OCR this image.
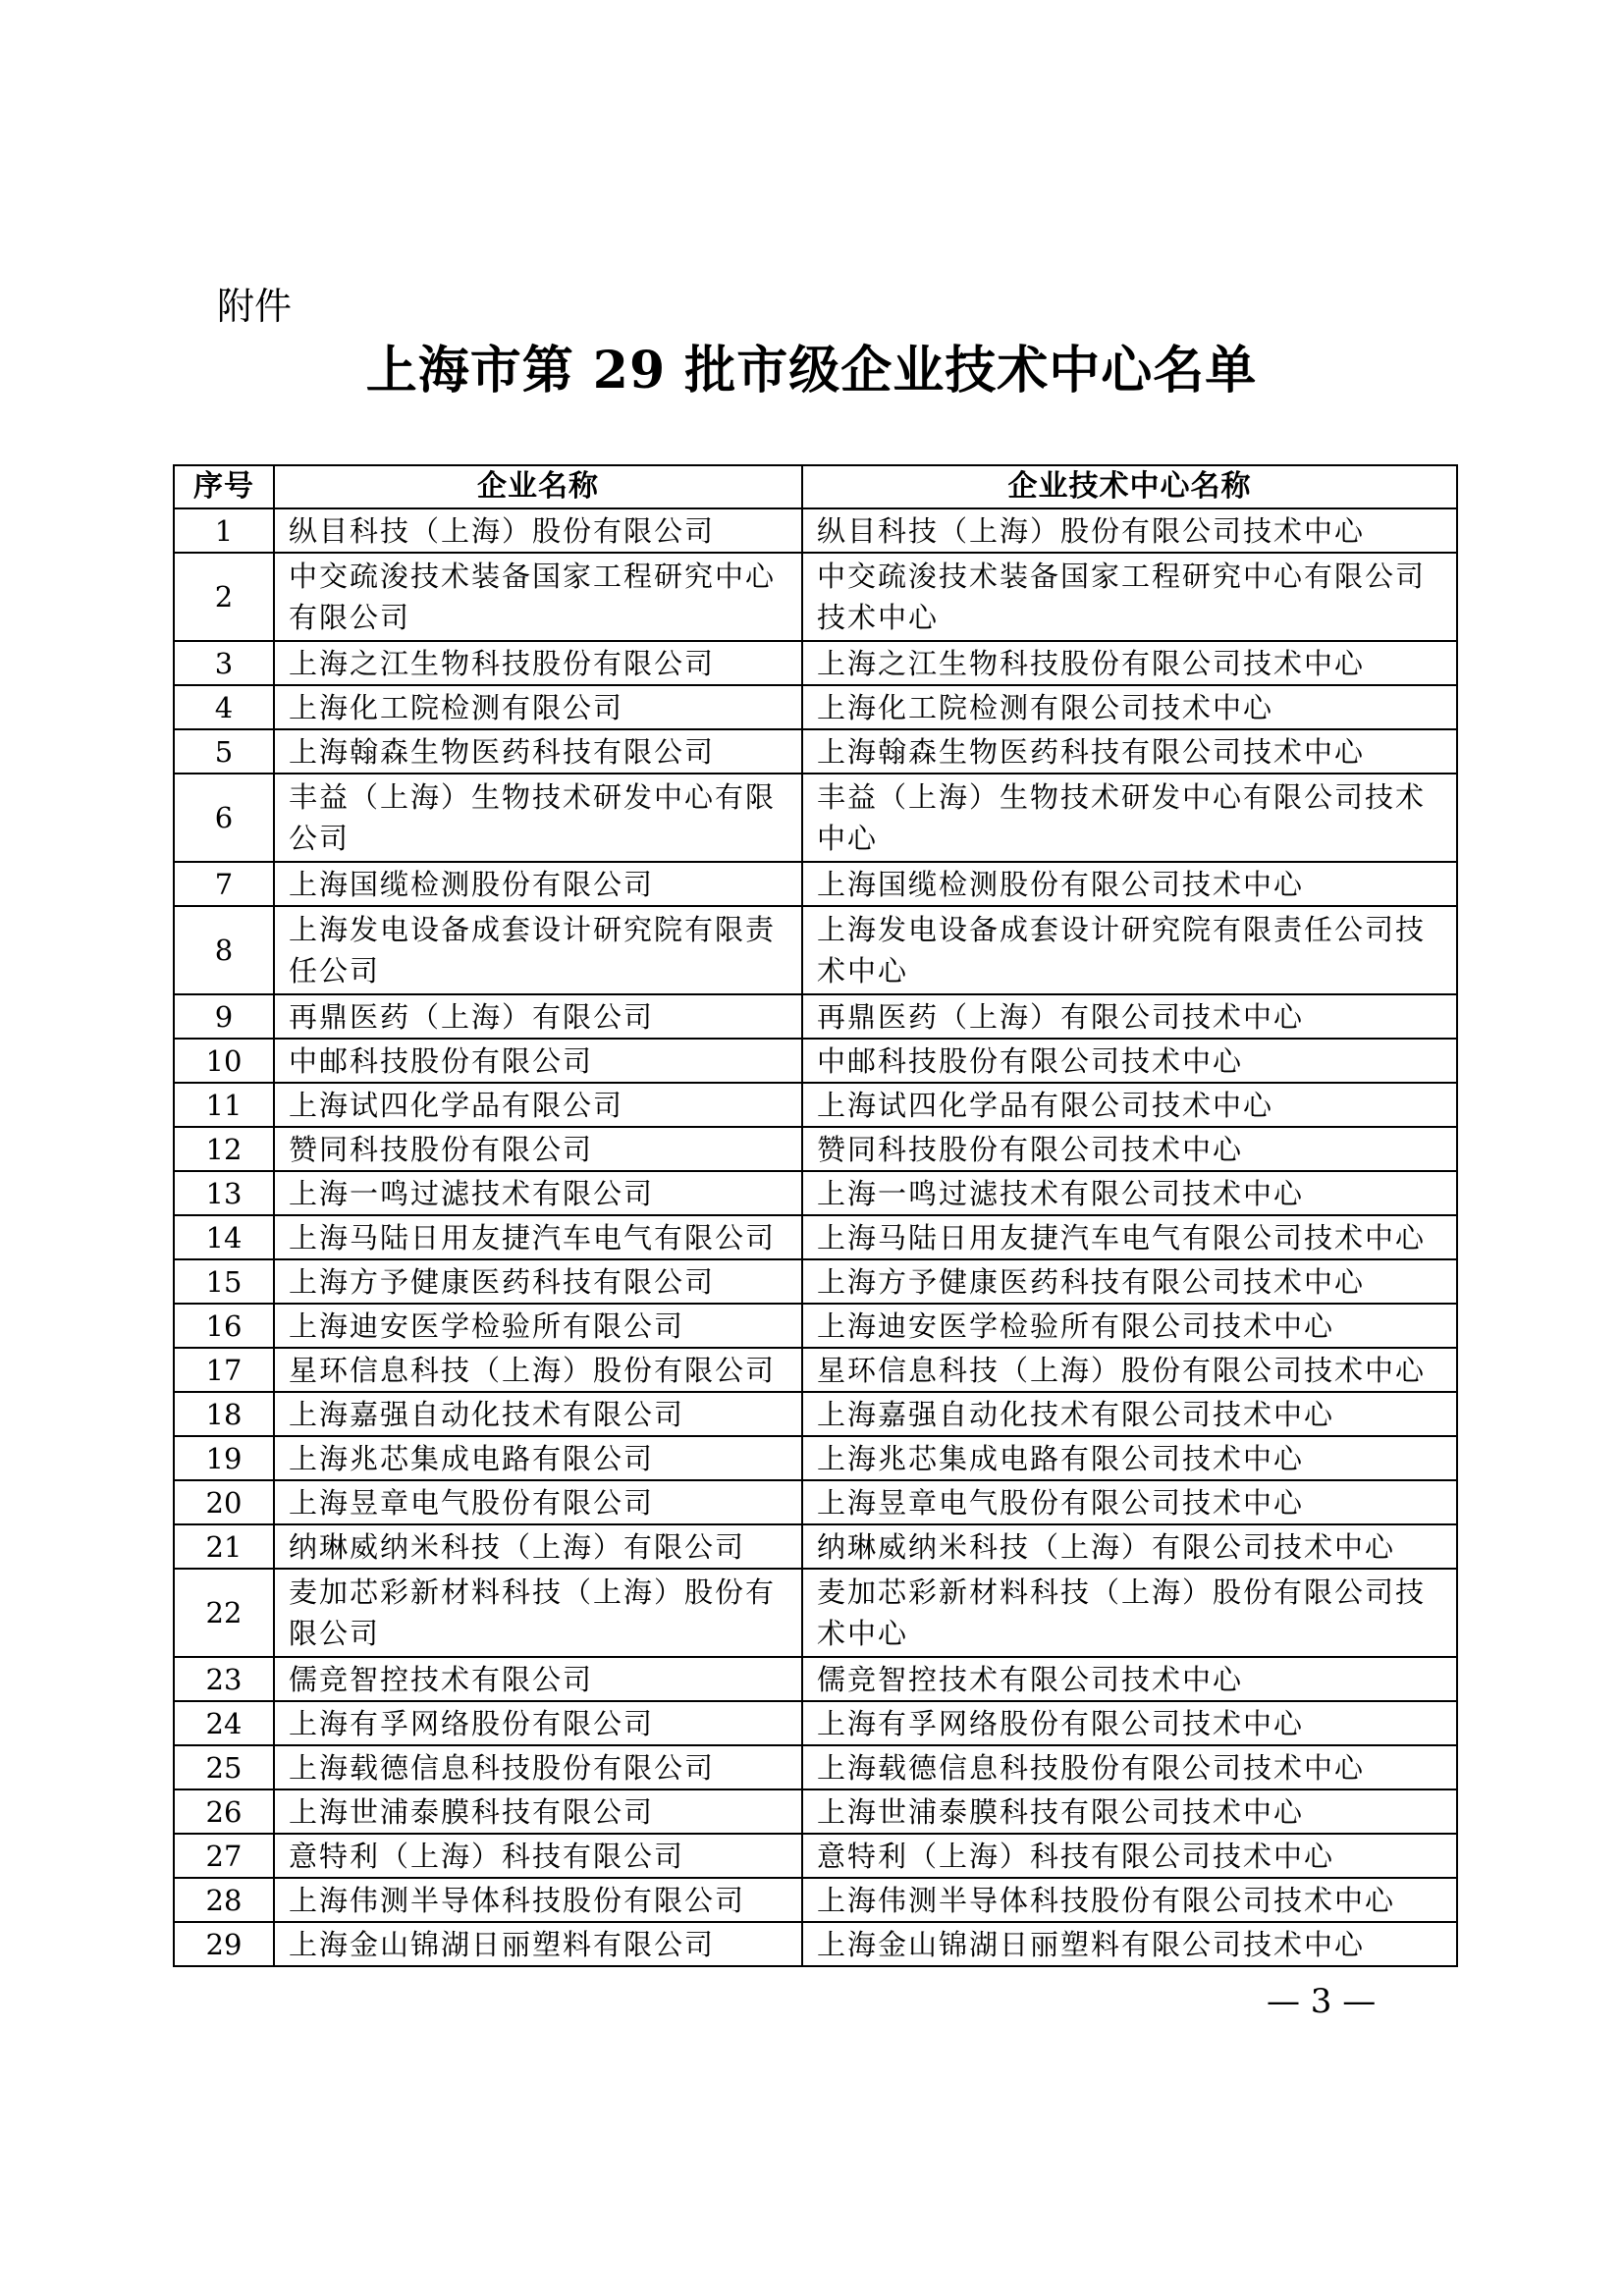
附件
上海市第 29 批市级企业技术中心名单
序号	企业名称	企业技术中心名称
1	纵目科技（上海）股份有限公司	纵目科技（上海）股份有限公司技术中心
2	中交疏浚技术装备国家工程研究中心有限公司	中交疏浚技术装备国家工程研究中心有限公司技术中心
3	上海之江生物科技股份有限公司	上海之江生物科技股份有限公司技术中心
4	上海化工院检测有限公司	上海化工院检测有限公司技术中心
5	上海翰森生物医药科技有限公司	上海翰森生物医药科技有限公司技术中心
6	丰益（上海）生物技术研发中心有限公司	丰益（上海）生物技术研发中心有限公司技术中心
7	上海国缆检测股份有限公司	上海国缆检测股份有限公司技术中心
8	上海发电设备成套设计研究院有限责任公司	上海发电设备成套设计研究院有限责任公司技术中心
9	再鼎医药（上海）有限公司	再鼎医药（上海）有限公司技术中心
10	中邮科技股份有限公司	中邮科技股份有限公司技术中心
11	上海试四化学品有限公司	上海试四化学品有限公司技术中心
12	赞同科技股份有限公司	赞同科技股份有限公司技术中心
13	上海一鸣过滤技术有限公司	上海一鸣过滤技术有限公司技术中心
14	上海马陆日用友捷汽车电气有限公司	上海马陆日用友捷汽车电气有限公司技术中心
15	上海方予健康医药科技有限公司	上海方予健康医药科技有限公司技术中心
16	上海迪安医学检验所有限公司	上海迪安医学检验所有限公司技术中心
17	星环信息科技（上海）股份有限公司	星环信息科技（上海）股份有限公司技术中心
18	上海嘉强自动化技术有限公司	上海嘉强自动化技术有限公司技术中心
19	上海兆芯集成电路有限公司	上海兆芯集成电路有限公司技术中心
20	上海昱章电气股份有限公司	上海昱章电气股份有限公司技术中心
21	纳琳威纳米科技（上海）有限公司	纳琳威纳米科技（上海）有限公司技术中心
22	麦加芯彩新材料科技（上海）股份有限公司	麦加芯彩新材料科技（上海）股份有限公司技术中心
23	儒竞智控技术有限公司	儒竞智控技术有限公司技术中心
24	上海有孚网络股份有限公司	上海有孚网络股份有限公司技术中心
25	上海载德信息科技股份有限公司	上海载德信息科技股份有限公司技术中心
26	上海世浦泰膜科技有限公司	上海世浦泰膜科技有限公司技术中心
27	意特利（上海）科技有限公司	意特利（上海）科技有限公司技术中心
28	上海伟测半导体科技股份有限公司	上海伟测半导体科技股份有限公司技术中心
29	上海金山锦湖日丽塑料有限公司	上海金山锦湖日丽塑料有限公司技术中心
— 3 —
